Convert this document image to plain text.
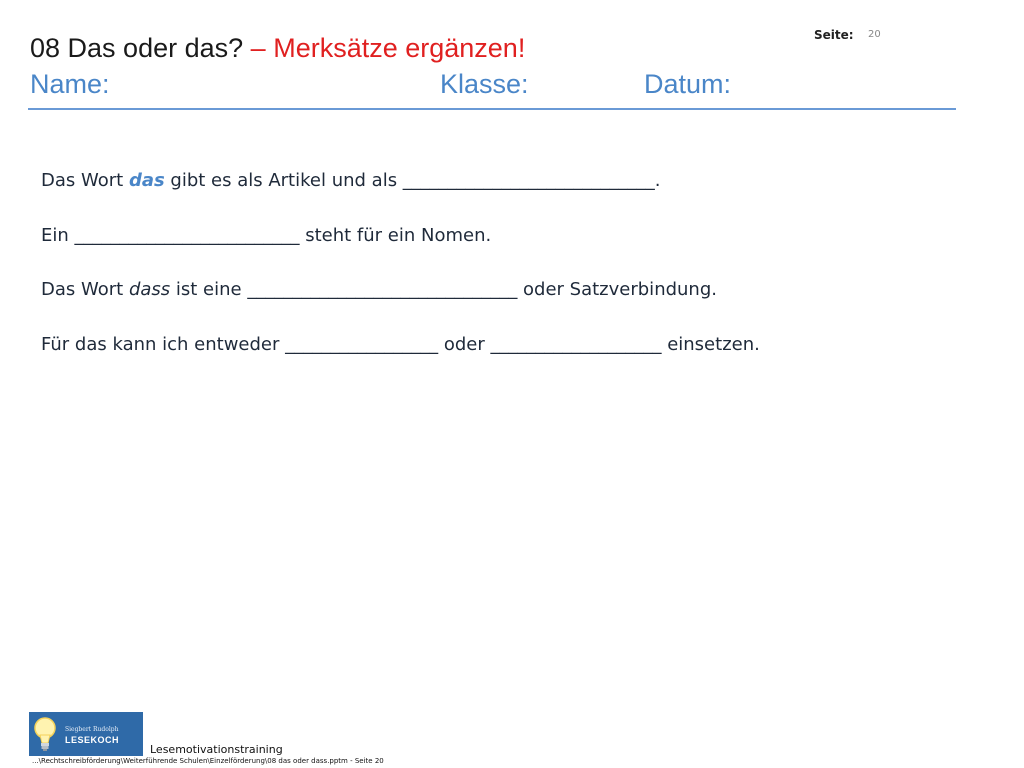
08 Das oder das? – Merksätze ergänzen!	Seite: 20
Name:	Klasse:	Datum:
Das Wort das gibt es als Artikel und als ____________________________.
Ein _________________________ steht für ein Nomen.
Das Wort dass ist eine ______________________________ oder Satzverbindung.
Für das kann ich entweder _________________ oder ___________________ einsetzen.
Siegbert Rudolph
LESEKOCH
Lesemotivationstraining
...\Rechtschreibförderung\Weiterführende Schulen\Einzelförderung\08 das oder dass.pptm - Seite 20
